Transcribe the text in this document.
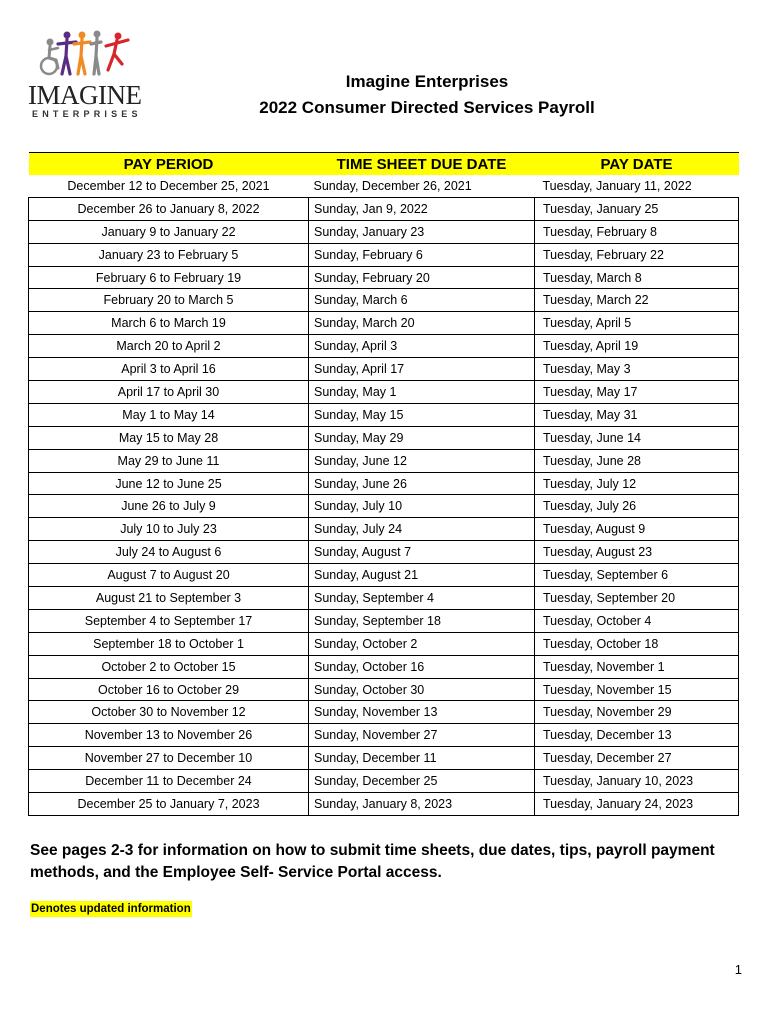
IMAGINE
ENTERPRISES
Imagine Enterprises
2022 Consumer Directed Services Payroll
PAY PERIOD	TIME SHEET DUE DATE	PAY DATE
December 12 to December 25, 2021	Sunday, December 26, 2021	Tuesday, January 11, 2022
December 26 to January 8, 2022	Sunday, Jan 9, 2022	Tuesday, January 25
January 9 to January 22	Sunday, January 23	Tuesday, February 8
January 23 to February 5	Sunday, February 6	Tuesday, February 22
February 6 to February 19	Sunday, February 20	Tuesday, March 8
February 20 to March 5	Sunday, March 6	Tuesday, March 22
March 6 to March 19	Sunday, March 20	Tuesday, April 5
March 20 to April 2	Sunday, April 3	Tuesday, April 19
April 3 to April 16	Sunday, April 17	Tuesday, May 3
April 17 to April 30	Sunday, May 1	Tuesday, May 17
May 1 to May 14	Sunday, May 15	Tuesday, May 31
May 15 to May 28	Sunday, May 29	Tuesday, June 14
May 29 to June 11	Sunday, June 12	Tuesday, June 28
June 12 to June 25	Sunday, June 26	Tuesday, July 12
June 26 to July 9	Sunday, July 10	Tuesday, July 26
July 10 to July 23	Sunday, July 24	Tuesday, August 9
July 24 to August 6	Sunday, August 7	Tuesday, August 23
August 7 to August 20	Sunday, August 21	Tuesday, September 6
August 21 to September 3	Sunday, September 4	Tuesday, September 20
September 4 to September 17	Sunday, September 18	Tuesday, October 4
September 18 to October 1	Sunday, October 2	Tuesday, October 18
October 2 to October 15	Sunday, October 16	Tuesday, November 1
October 16 to October 29	Sunday, October 30	Tuesday, November 15
October 30 to November 12	Sunday, November 13	Tuesday, November 29
November 13 to November 26	Sunday, November 27	Tuesday, December 13
November 27 to December 10	Sunday, December 11	Tuesday, December 27
December 11 to December 24	Sunday, December 25	Tuesday, January 10, 2023
December 25 to January 7, 2023	Sunday, January 8, 2023	Tuesday, January 24, 2023
See pages 2-3 for information on how to submit time sheets, due dates, tips, payroll payment methods, and the Employee Self- Service Portal access.
Denotes updated information
1
